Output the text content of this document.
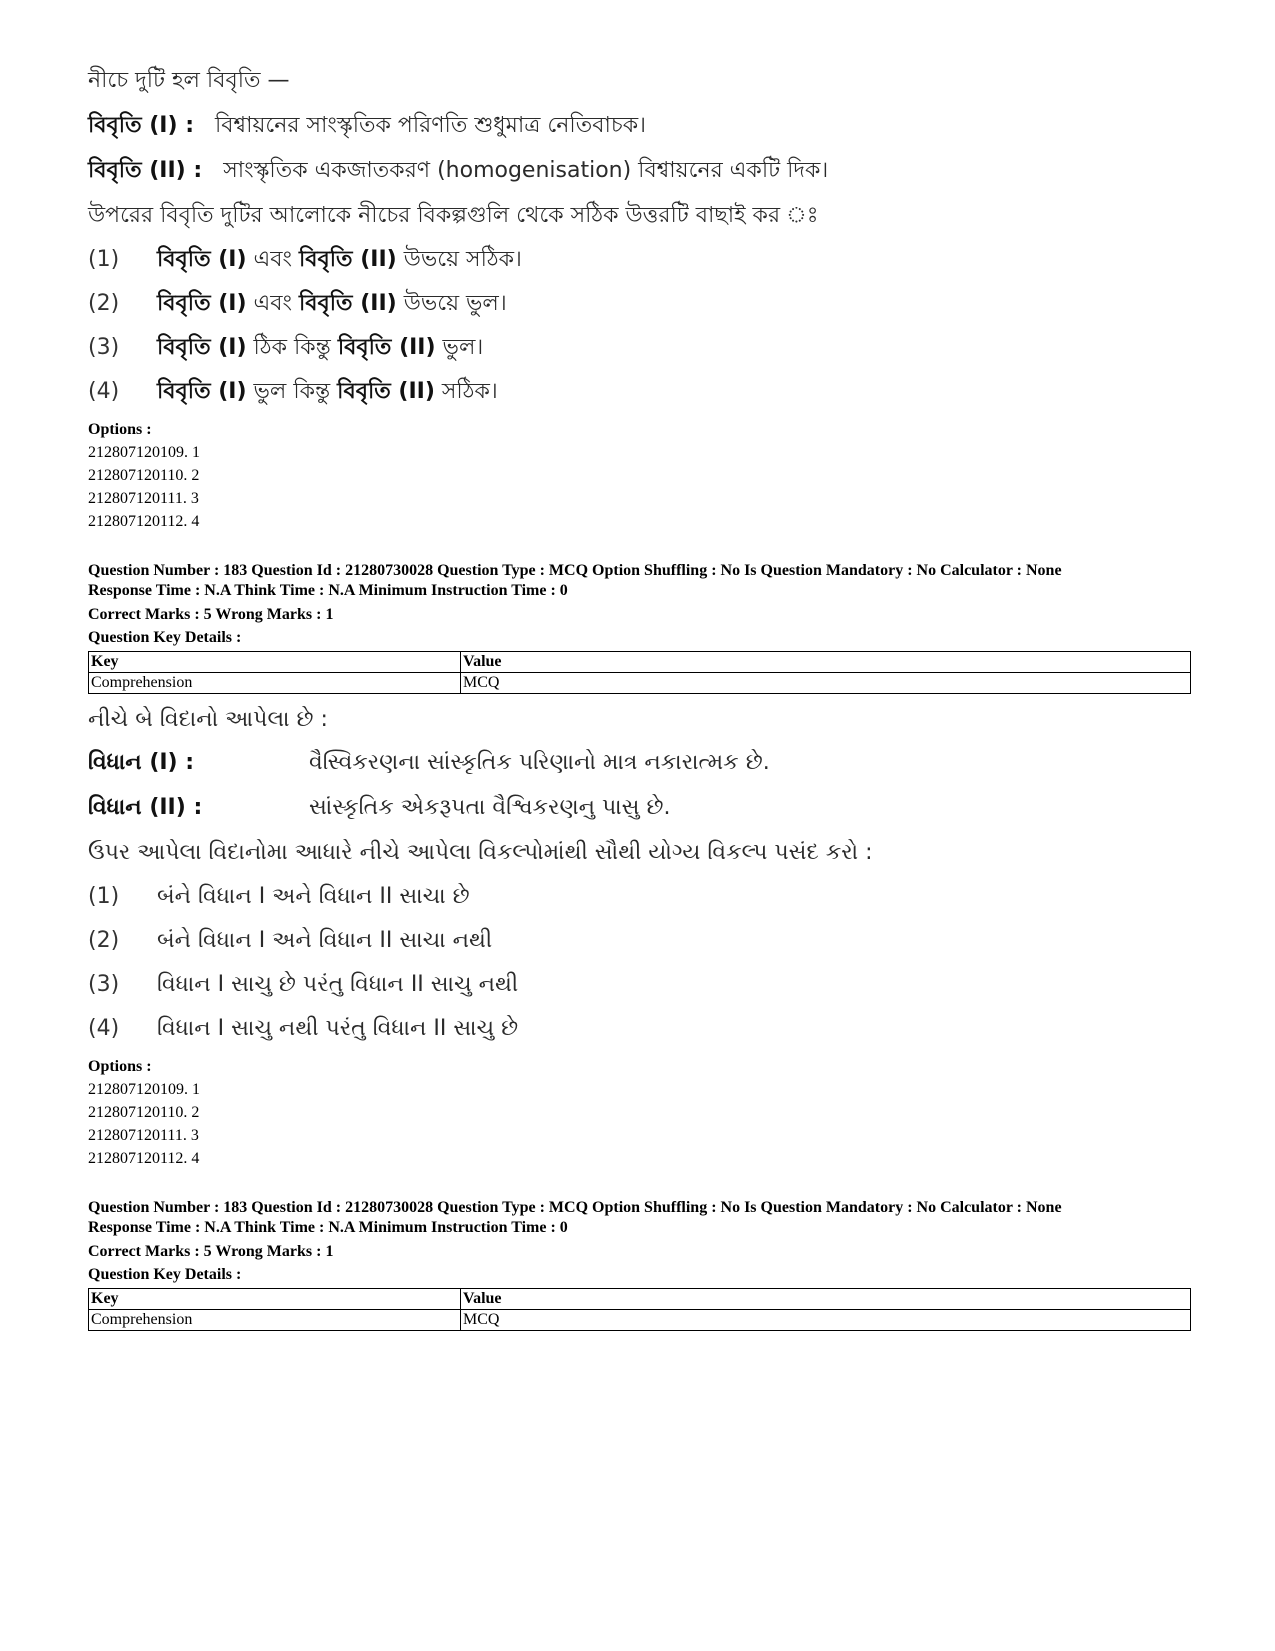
নীচে দুটি হল বিবৃতি —
বিবৃতি (I) : বিশ্বায়নের সাংস্কৃতিক পরিণতি শুধুমাত্র নেতিবাচক।
বিবৃতি (II) : সাংস্কৃতিক একজাতকরণ (homogenisation) বিশ্বায়নের একটি দিক।
উপরের বিবৃতি দুটির আলোকে নীচের বিকল্পগুলি থেকে সঠিক উত্তরটি বাছাই কর ঃ
(1) বিবৃতি (I) এবং বিবৃতি (II) উভয়ে সঠিক।
(2) বিবৃতি (I) এবং বিবৃতি (II) উভয়ে ভুল।
(3) বিবৃতি (I) ঠিক কিন্তু বিবৃতি (II) ভুল।
(4) বিবৃতি (I) ভুল কিন্তু বিবৃতি (II) সঠিক।
Options :
212807120109. 1
212807120110. 2
212807120111. 3
212807120112. 4
Question Number : 183 Question Id : 21280730028 Question Type : MCQ Option Shuffling : No Is Question Mandatory : No Calculator : None
Response Time : N.A Think Time : N.A Minimum Instruction Time : 0
Correct Marks : 5 Wrong Marks : 1
Question Key Details :
Key	Value
Comprehension	MCQ
નીચે બે વિદાનો આપેલા છે :
વિધાન (I) :	વૈસ્વિકરણના સાંસ્કૃતિક પરિણાનો માત્ર નકારાત્મક છે.
વિધાન (II) :	સાંસ્કૃતિક એકરૂપતા વૈશ્વિકરણનુ પાસુ છે.
ઉપર આપેલા વિદાનોમા આધારે નીચે આપેલા વિકલ્પોમાંથી સૌથી યોગ્ય વિકલ્પ પસંદ કરો :
(1) બંને વિધાન I અને વિધાન II સાચા છે
(2) બંને વિધાન I અને વિધાન II સાચા નથી
(3) વિધાન I સાચુ છે પરંતુ વિધાન II સાચુ નથી
(4) વિધાન I સાચુ નથી પરંતુ વિધાન II સાચુ છે
Options :
212807120109. 1
212807120110. 2
212807120111. 3
212807120112. 4
Question Number : 183 Question Id : 21280730028 Question Type : MCQ Option Shuffling : No Is Question Mandatory : No Calculator : None
Response Time : N.A Think Time : N.A Minimum Instruction Time : 0
Correct Marks : 5 Wrong Marks : 1
Question Key Details :
Key	Value
Comprehension	MCQ
